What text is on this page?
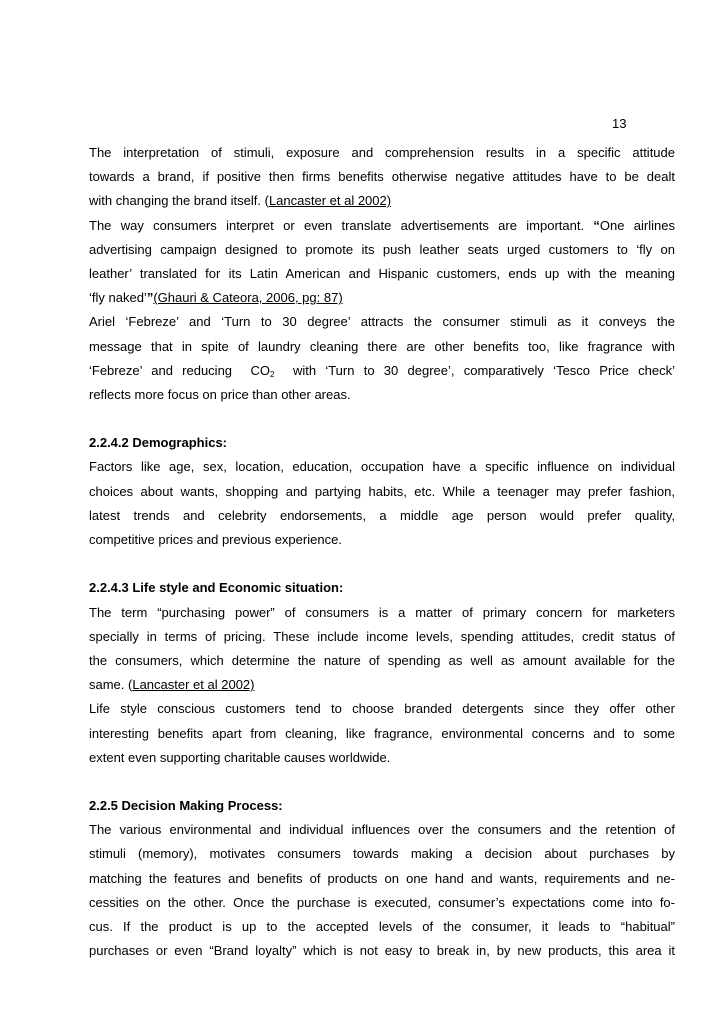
13
The interpretation of stimuli, exposure and comprehension results in a specific attitude
towards a brand, if positive then firms benefits otherwise negative attitudes have to be dealt
with changing the brand itself. (Lancaster et al 2002)
The way consumers interpret or even translate advertisements are important. “One airlines
advertising campaign designed to promote its push leather seats urged customers to ‘fly on
leather’ translated for its Latin American and Hispanic customers, ends up with the meaning
‘fly naked’”(Ghauri & Cateora, 2006, pg: 87)
Ariel ‘Febreze’ and ‘Turn to 30 degree’ attracts the consumer stimuli as it conveys the
message that in spite of laundry cleaning there are other benefits too, like fragrance with
‘Febreze’ and reducing  $CO_2$  with ‘Turn to 30 degree’, comparatively ‘Tesco Price check’
reflects more focus on price than other areas.
2.2.4.2 Demographics:
Factors like age, sex, location, education, occupation have a specific influence on individual
choices about wants, shopping and partying habits, etc. While a teenager may prefer fashion,
latest trends and celebrity endorsements, a middle age person would prefer quality,
competitive prices and previous experience.
2.2.4.3 Life style and Economic situation:
The term “purchasing power” of consumers is a matter of primary concern for marketers
specially in terms of pricing. These include income levels, spending attitudes, credit status of
the consumers, which determine the nature of spending as well as amount available for the
same. (Lancaster et al 2002)
Life style conscious customers tend to choose branded detergents since they offer other
interesting benefits apart from cleaning, like fragrance, environmental concerns and to some
extent even supporting charitable causes worldwide.
2.2.5 Decision Making Process:
The various environmental and individual influences over the consumers and the retention of
stimuli (memory), motivates consumers towards making a decision about purchases by
matching the features and benefits of products on one hand and wants, requirements and ne-
cessities on the other. Once the purchase is executed, consumer’s expectations come into fo-
cus. If the product is up to the accepted levels of the consumer, it leads to “habitual”
purchases or even “Brand loyalty” which is not easy to break in, by new products, this area it
